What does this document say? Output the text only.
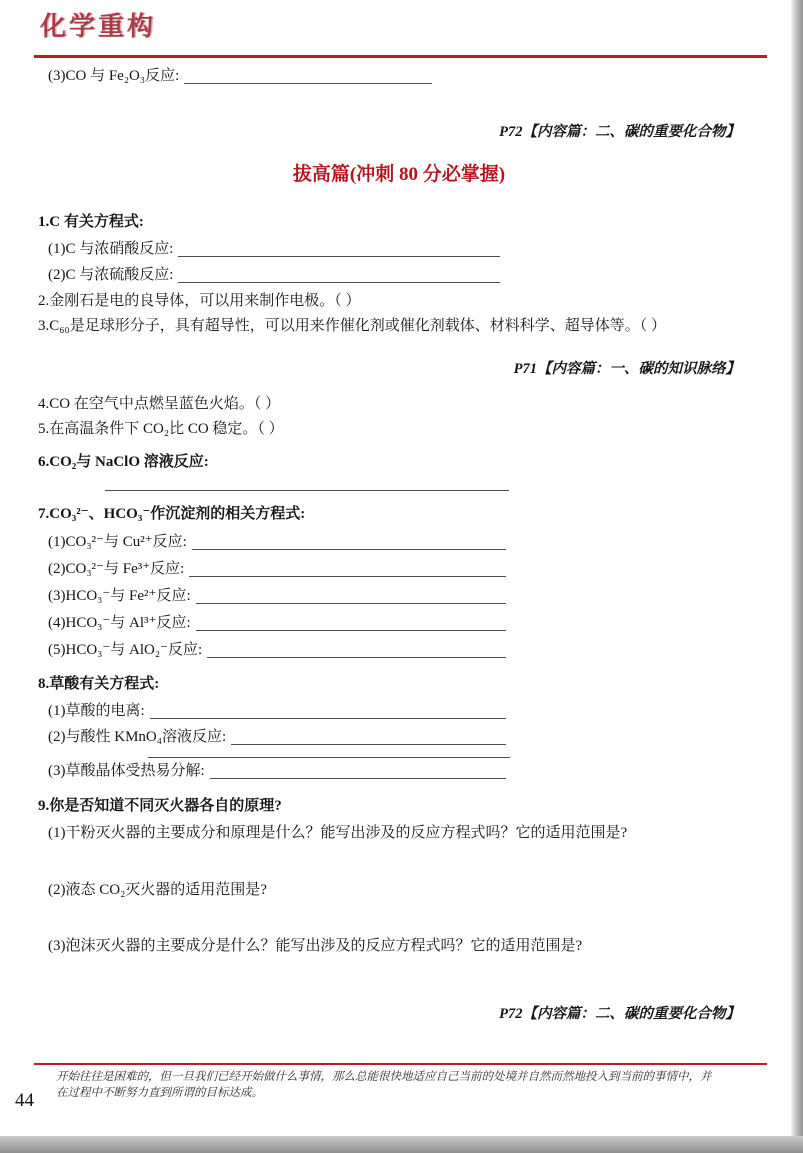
化学重构
(3)CO 与 Fe₂O₃反应:
P72【内容篇：二、碳的重要化合物】
拔高篇(冲刺 80 分必掌握)
1.C 有关方程式:
(1)C 与浓硝酸反应:
(2)C 与浓硫酸反应:
2.金刚石是电的良导体，可以用来制作电极。（ ）
3.C₆₀是足球形分子，具有超导性，可以用来作催化剂或催化剂载体、材料科学、超导体等。（ ）
P71【内容篇：一、碳的知识脉络】
4.CO 在空气中点燃呈蓝色火焰。（ ）
5.在高温条件下 CO₂比 CO 稳定。（ ）
6.CO₂与 NaClO 溶液反应:
7.CO₃²⁻、HCO₃⁻作沉淀剂的相关方程式:
(1)CO₃²⁻与 Cu²⁺反应:
(2)CO₃²⁻与 Fe³⁺反应:
(3)HCO₃⁻与 Fe²⁺反应:
(4)HCO₃⁻与 Al³⁺反应:
(5)HCO₃⁻与 AlO₂⁻反应:
8.草酸有关方程式:
(1)草酸的电离:
(2)与酸性 KMnO₄溶液反应:
(3)草酸晶体受热易分解:
9.你是否知道不同灭火器各自的原理?
(1)干粉灭火器的主要成分和原理是什么？能写出涉及的反应方程式吗？它的适用范围是?
(2)液态 CO₂灭火器的适用范围是?
(3)泡沫灭火器的主要成分是什么？能写出涉及的反应方程式吗？它的适用范围是?
P72【内容篇：二、碳的重要化合物】
开始往往是困难的，但一旦我们已经开始做什么事情，那么总能很快地适应自己当前的处境并自然而然地投入到当前的事情中，并在过程中不断努力直到所谓的目标达成。
44
